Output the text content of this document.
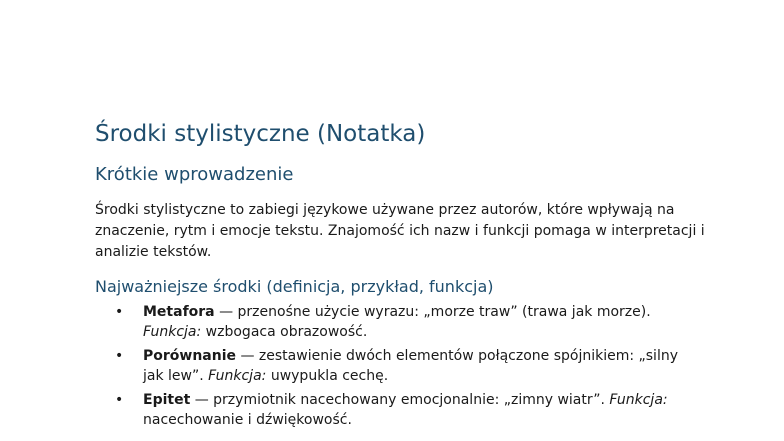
Środki stylistyczne (Notatka)
Krótkie wprowadzenie

Środki stylistyczne to zabiegi językowe używane przez autorów, które wpływają na znaczenie, rytm i emocje tekstu. Znajomość ich nazw i funkcji pomaga w interpretacji i analizie tekstów.

Najważniejsze środki (definicja, przykład, funkcja)
• Metafora — przenośne użycie wyrazu: „morze traw” (trawa jak morze). Funkcja: wzbogaca obrazowość.
• Porównanie — zestawienie dwóch elementów połączone spójnikiem: „silny jak lew”. Funkcja: uwypukla cechę.
• Epitet — przymiotnik nacechowany emocjonalnie: „zimny wiatr”. Funkcja: nacechowanie i dźwiękowość.
